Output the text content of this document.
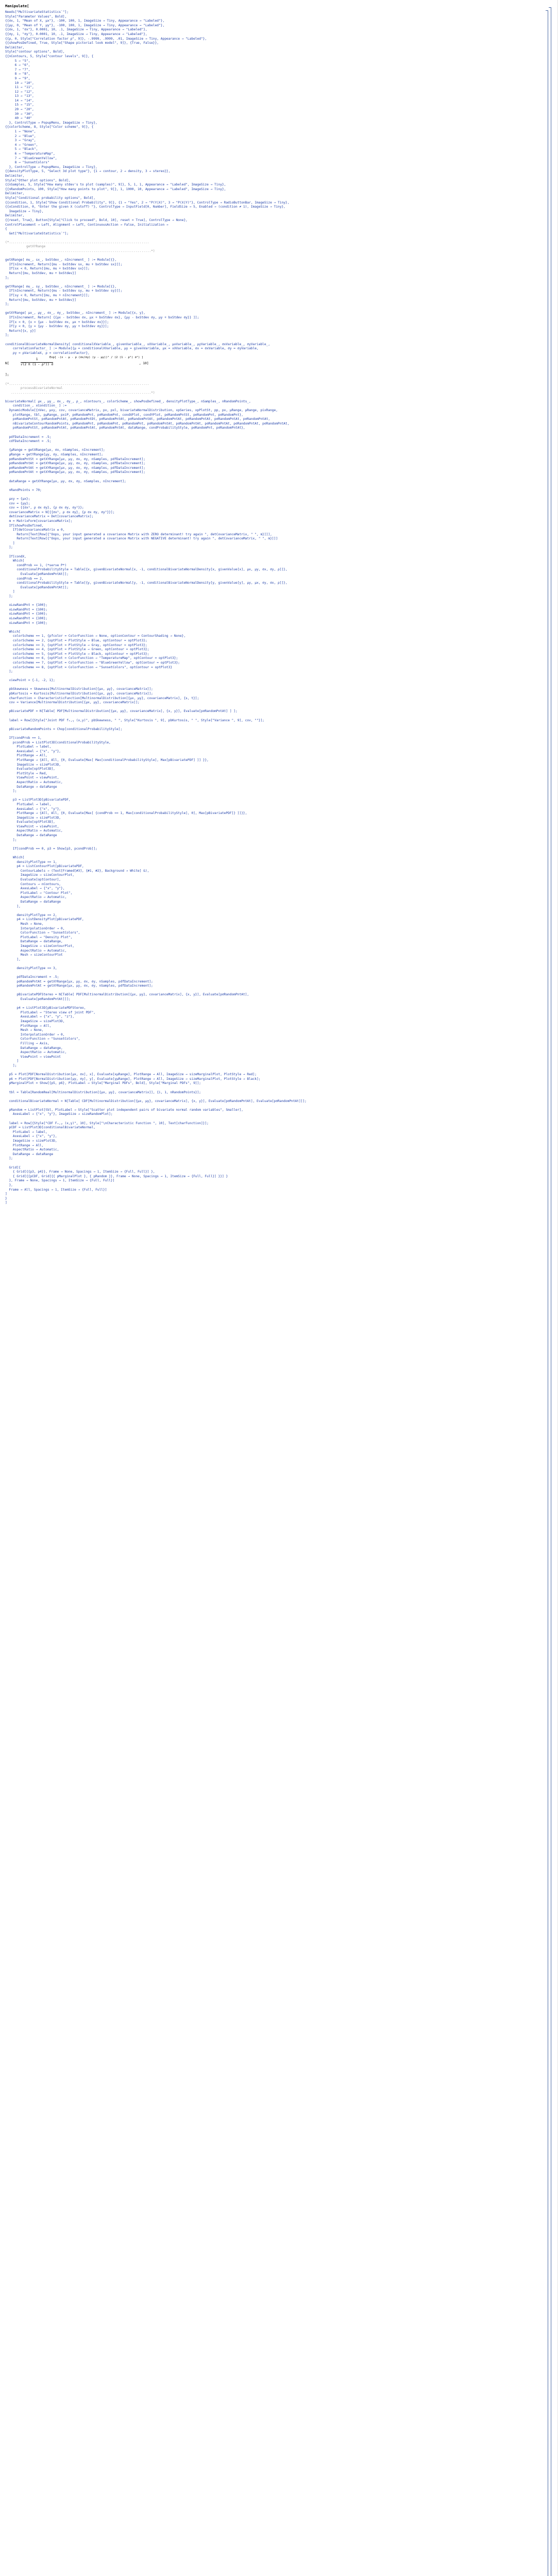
Manipulate[
Needs["MultivariateStatistics`"];
Style["Parameter Values", Bold],
{{σx, 1, "Mean of X, μx"}, -100, 100, 1, ImageSize → Tiny, Appearance → "Labeled"},
{{μy, 0, "Mean of Y, μy"}, -100, 100, 1, ImageSize → Tiny, Appearance → "Labeled"},
{{σx, 1, "σx"}, 0.0001, 10, .1, ImageSize → Tiny, Appearance → "Labeled"},
{{σy, 1, "σy"}, 0.0001, 10, .1, ImageSize → Tiny, Appearance → "Labeled"},
{{ρ, 0, Style["Correlation factor ρ", 9]}, -.9999, .9999, .01, ImageSize → Tiny, Appearance → "Labeled"},
{{showPosDefined, True, Style["Shape pictorial look model", 9]}, {True, False}},
Delimiter,
Style["contour options", Bold],
{{nContours, 5, Style["contour levels", 9]}, {
5 → "5",
6 → "6",
7 → "7",
8 → "8",
9 → "9",
10 → "10",
11 → "11",
12 → "12",
13 → "13",
14 → "14",
15 → "15",
20 → "20",
30 → "30",
40 → "40"
}, ControlType → PopupMenu, ImageSize → Tiny},
{{colorScheme, 8, Style["Color scheme", 9]}, {
1 → "None",
2 → "Blue",
3 → "Gray",
4 → "Green",
5 → "Black",
6 → "TemperatureMap",
7 → "BlueGreenYellow",
8 → "SunsetColors"
}, ControlType → PopupMenu, ImageSize → Tiny},
{{densityPlotType, 5, "Select 3d plot type"}, {1 → contour, 2 → density, 3 → stereo}},
Delimiter,
Style["Other plot options", Bold],
{{nSamples, 5, Style["How many stdev's to plot (samples)", 9]}, 5, 1, 1, Appearance → "Labeled", ImageSize → Tiny},
{{nRandomPoints, 100, Style["How many points to plot", 9]}, 1, 1000, 10, Appearance → "Labeled", ImageSize → Tiny},
Delimiter,
Style["Conditional probability options", Bold],
{{condition, 1, Style["Show Conditional Probability", 9]}, {1 → "Yes", 2 → "P(Y|X)", 3 → "P(X|Y)"}, ControlType → RadioButtonBar, ImageSize → Tiny},
{{xCondition, 0, "Enter the given X (cutoff) "}, ControlType → InputField[0, Number], FieldSize → 5, Enabled → (condition ≠ 1), ImageSize → Tiny},
ImageSize → Tiny},
Delimiter,
{{reset, True}, Button[Style["Click to proceed", Bold, 10], reset = True], ControlType → None},
ControlPlacement → Left, Alignment → Left, ContinuousAction → False, Initialization →
{
Get["MultivariateStatistics`"];
(*.........................................................................
getXYRange
.........................................................................*)
getXRange[ mu_, sx_, bxStdev_, nIncrement_ ] := Module[{},
If[nIncrement, Return[{mu - bxStdev sx, mu + bxStdev sx}]];
If[sx < 0, Return[{mu, mu + bxStdev sx}]];
Return[{mu, bxStdev, mu + bxStdev}]
];
getYRange[ mu_, sy_, bxStdev_, nIncrement_ ] := Module[{},
If[nIncrement, Return[{mu - bxStdev sy, mu + bxStdev sy}]];
If[sy < 0, Return[{mu, mu + nIncrement}]];
Return[{mu, bxStdev, mu + bxStdev}]
];
getXYRange[ μx_, μy_, σx_, σy_, bxStdev_, nIncrement_ ] := Module[{x, y},
If[nIncrement, Return[ {{μx - bxStdev σx, μx + bxStdev σx}, {μy - bxStdev σy, μy + bxStdev σy}} ]];
If[x < 0, {x = {μx - bxStdev σx, μx + bxStdev σx}}];
If[y < 0, {y = {μy - bxStdev σy, μy + bxStdev σy}}];
Return[{x, y}]
];
conditionalBivariateNormalDensity[ conditionalXVariable_, givenVariable_, xXVariable_, μxVariable_, μyVariable_, σxVariable_, σyVariable_,
correlationFactor_ ] := Module[{μ = conditionalXVariable, μy = givenVariable, μx = xXVariable, σx = σxVariable, σy = σyVariable,
ρy = ρVariableX, ρ = correlationFactor},
N[	$\frac{1}{\text{√(2 π (1 - ρ²)) σ}}$
Exp[ -(x - μ - ρ (σx/σy) (y - μy))² / (2 (1 - ρ²) σ²) ]
, 10]
];
(*.........................................................................
processBivariateNormal
.........................................................................*)
bivariateNormal[ μx_, μy_, σx_, σy_, ρ_, nContours_, colorScheme_, showPosDefined_, densityPlotType_, nSamples_, nRandomPoints_,
condition_, xCondition_ ] :=
DynamicModule[{nVec, μxy, cov, covarianceMatrix, px, pxl, bivariateNormalDistribution, xpSeries, xpPlotSt, pp, px, μRange, μRange, pixRange,
plotRange, tbl, pμRange, pxiP, pσRandomPnt, pσRandomPnt, condXPlot, condYPlot, pσRandomPntSt, pσRandomPnt, pσRandomPnt},
pσRandomPntSt, pσRandomPntAt, pσRandomPntDt, pσRandomPntAt, pσRandomPntAt, pσRandomPntAt, pσRandomPntAt, pσRandomPntAt, pσRandomPntAt,
nBivariateContourRandomPoints, pσRandomPnt, pσRandomPnt, pσRandomPnt, pσRandomPntAt, pσRandomPntAt, pσRandomPntAt, pσRandomPntAt, pσRandomPntAt,
pσRandomPntSt, pσRandomPntAt, pσRandomPntAt, pσRandomPntAt, dataRange, condProbabilityStyle, pσRandomPnt, pσRandomPntAt},
pdfDataIncrement = .5;
cdfDataIncrement = .5;
{μRange = getXRange[μx, σx, nSamples, nIncrement];
μRange = getYRange[μy, σy, nSamples, nIncrement];
pσRandomPntSt = getXYRange[μx, μy, σx, σy, nSamples, pdfDataIncrement];
pσRandomPntAt = getXYRange[μx, μy, σx, σy, nSamples, pdfDataIncrement];
pσRandomPntAt = getXYRange[μx, μy, σx, σy, nSamples, pdfDataIncrement];
pσRandomPntAt = getXYRange[μx, μy, σx, σy, nSamples, pdfDataIncrement];
dataRange = getXYRange[μx, μy, σx, σy, nSamples, nIncrement];
nRandPoints = 70;
μxy = {μx};
cov = {μy};
cov = {{σx², ρ σx σy}, {ρ σx σy, σy²}};
covarianceMatrix = N[{{σx², ρ σx σy}, {ρ σx σy, σy²}}];
detCovarianceMatrix = Det[covarianceMatrix];
m = MatrixForm[covarianceMatrix];
If[showPosDefined,
If[detCovarianceMatrix ≤ 0,
Return[Text[Row[{"Oops, your input generated a covariance Matrix with ZERO determinant! try again ", detCovarianceMatrix, " ", m}]]],
Return[Text[Row[{"Oops, your input generated a covariance Matrix with NEGATIVE determinant! try again ", detCovarianceMatrix, " ", m}]]]
]
];
If[condX,
Which[
condProb == 1, (*serve P*)
conditionalProbabilityStyle = Table[{x, givenBivariateNormal[x, -1, conditionalBivariateNormalDensity[x, givenValue[x], μx, μy, σx, σy, ρ]]},
Evaluate[pσRandomPntAt]];
condProb == 2,
conditionalProbabilityStyle = Table[{y, givenBivariateNormal[y, -1, conditionalBivariateNormalDensity[y, givenValue[y], μy, μx, σy, σx, ρ]]},
Evaluate[pσRandomPntAt]];
]
];
xLowRandPnt = {100};
xLowRandPnt = {100};
xLowRandPnt = {100};
xLowRandPnt = {100};
xLowRandPnt = {100};
Which[
colorScheme == 1, {pfcolor = ColorFunction → None, optionContour = ContourShading → None},
colorScheme == 2, {optPlot = PlotStyle → Blue, optContour = optPlot3};
colorScheme == 3, {optPlot = PlotStyle → Gray, optContour = optPlot3};
colorScheme == 4, {optPlot = PlotStyle → Green, optContour = optPlot3};
colorScheme == 5, {optPlot = PlotStyle → Black, optContour = optPlot3};
colorScheme == 6, {optPlot = ColorFunction → "TemperatureMap", optContour = optPlot3};
colorScheme == 7, {optPlot = ColorFunction → "BlueGreenYellow", optContour = optPlot3};
colorScheme == 8, {optPlot = ColorFunction → "SunsetColors", optContour = optPlot3}
];
viewPoint = {-1, -2, 1};
pbSkewness = Skewness[MultinormalDistribution[{μx, μy}, covarianceMatrix]];
pbKurtosis = Kurtosis[MultinormalDistribution[{μx, μy}, covarianceMatrix]];
charFunction = CharacteristicFunction[MultinormalDistribution[{μx, μy}, covarianceMatrix], {s, t}];
cov = Variance[MultinormalDistribution[{μx, μy}, covarianceMatrix]];
pBivariatePDF = N[Table[ PDF[MultinormalDistribution[{μx, μy}, covarianceMatrix], {x, y}], Evaluate[pσRandomPntAt] ] ];
label = Row[{Style["Joint PDF fₓ,ᵧ (x,y)", pbSkewness, " ", Style["Kurtosis ", 9], pbKurtosis, " ", Style["Variance ", 9], cov, ""}];
pBivariateRandomPoints = Chop[conditionalProbabilityStyle];
If[condProb == 1,
pcondProb = ListPlot3D[conditionalProbabilityStyle,
PlotLabel → label,
AxesLabel → {"x", "y"},
PlotRange → All,
PlotRange → {All, All, {0, Evaluate[Max[ Max[conditionalProbabilityStyle], Max[pBivariatePDF] ]] }},
ImageSize → sizePlot3D,
Evaluate[optPlot3D],
PlotStyle → Red,
ViewPoint → viewPoint,
AspectRatio → Automatic,
DataRange → dataRange
];
p3 = ListPlot3D[pBivariatePDF,
PlotLabel → label,
AxesLabel → {"x", "y"},
PlotRange → {All, All, {0, Evaluate[Max[ {condProb == 1, Max[conditionalProbabilityStyle], 0], Max[pBivariatePDF]} ]]}},
ImageSize → sizePlot3D,
Evaluate[optPlot3D],
ViewPoint → viewPoint,
AspectRatio → Automatic,
DataRange → dataRange
];
If[condProb == 0, p3 = Show[p3, pcondProb]];
Which[
densityPlotType == 1,
p4 = ListContourPlot[pBivariatePDF,
ContourLabels → (Text[Framed[#3], {#1, #2}, Background → White] &),
ImageSize → sizeContourPlot,
Evaluate[optContour],
Contours → nContours,
AxesLabel → {"x", "y"},
PlotLabel → "Contour Plot",
AspectRatio → Automatic,
DataRange → dataRange
],
densityPlotType == 2,
p4 = ListDensityPlot[pBivariatePDF,
Mesh → None,
InterpolationOrder → 0,
ColorFunction → "SunsetColors",
PlotLabel → "Density Plot",
DataRange → dataRange,
ImageSize → sizeContourPlot,
AspectRatio → Automatic,
Mesh → sizeContourPlot
],
densityPlotType == 3,
pdfDataIncrement = .5;
pσRandomPntAt = getXYRange[μx, μy, σx, σy, nSamples, pdfDataIncrement];
pσRandomPntAt = getXYRange[μx, μy, σx, σy, nSamples, pdfDataIncrement];
pBivariatePDFStereo = N[Table[ PDF[MultinormalDistribution[{μx, μy}, covarianceMatrix], {x, y}], Evaluate[pσRandomPntAt],
Evaluate[pσRandomPntAt]]];
p4 = ListPlot3D[pBivariatePDFStereo,
PlotLabel → "Stereo view of joint PDF",
AxesLabel → {"x", "y", "z"},
ImageSize → sizePlot3D,
PlotRange → All,
Mesh → None,
InterpolationOrder → 0,
ColorFunction → "SunsetColors",
Filling → Axis,
DataRange → dataRange,
AspectRatio → Automatic,
ViewPoint → viewPoint
]
];
p5 = Plot[PDF[NormalDistribution[μx, σx], x], Evaluate[xμRange], PlotRange → All, ImageSize → sizeMarginalPlot, PlotStyle → Red];
p6 = Plot[PDF[NormalDistribution[μy, σy], y], Evaluate[yμRange], PlotRange → All, ImageSize → sizeMarginalPlot, PlotStyle → Black];
pMarginalPlot = Show[{p5, p6}, PlotLabel → Style["Marginal PDFs", Bold], Style["Marginal PDFs", 9]];
tbl = Table[RandomReal[MultinormalDistribution[{μx, μy}, covarianceMatrix]], {i, 1, nRandomPoints}];
conditionalBivariateNormal = N[Table[ CDF[MultinormalDistribution[{μx, μy}, covarianceMatrix], {x, y}], Evaluate[pσRandomPntAt], Evaluate[pσRandomPntAt]]];
pRandom = ListPlot[tbl, PlotLabel → Style["Scatter plot independent pairs of bivariate normal random variables", Smaller],
AxesLabel → {"x", "y"}, ImageSize → sizeRandomPlot];
label = Row[{Style["CDF Fₓ,ᵧ (x,y)", 10], Style["\nCharacteristic Function ", 10], Text[charFunction]}];
pCDF = ListPlot3D[conditionalBivariateNormal,
PlotLabel → label,
AxesLabel → {"x", "y"},
ImageSize → sizePlot3D,
PlotRange → All,
AspectRatio → Automatic,
DataRange → dataRange
];
Grid[{
{ Grid[{{p3, p4}}, Frame → None, Spacings → 1, ItemSize → {Full, Full}] },
{ Grid[{{pCDF, Grid[{{ pMarginalPlot }, { pRandom }}, Frame → None, Spacings → 1, ItemSize → {Full, Full}] }}] }
}, Frame → None, Spacings → 1, ItemSize → {Full, Full}]
},
Frame → All, Spacings → 1, ItemSize → {Full, Full}]
]
}
]
